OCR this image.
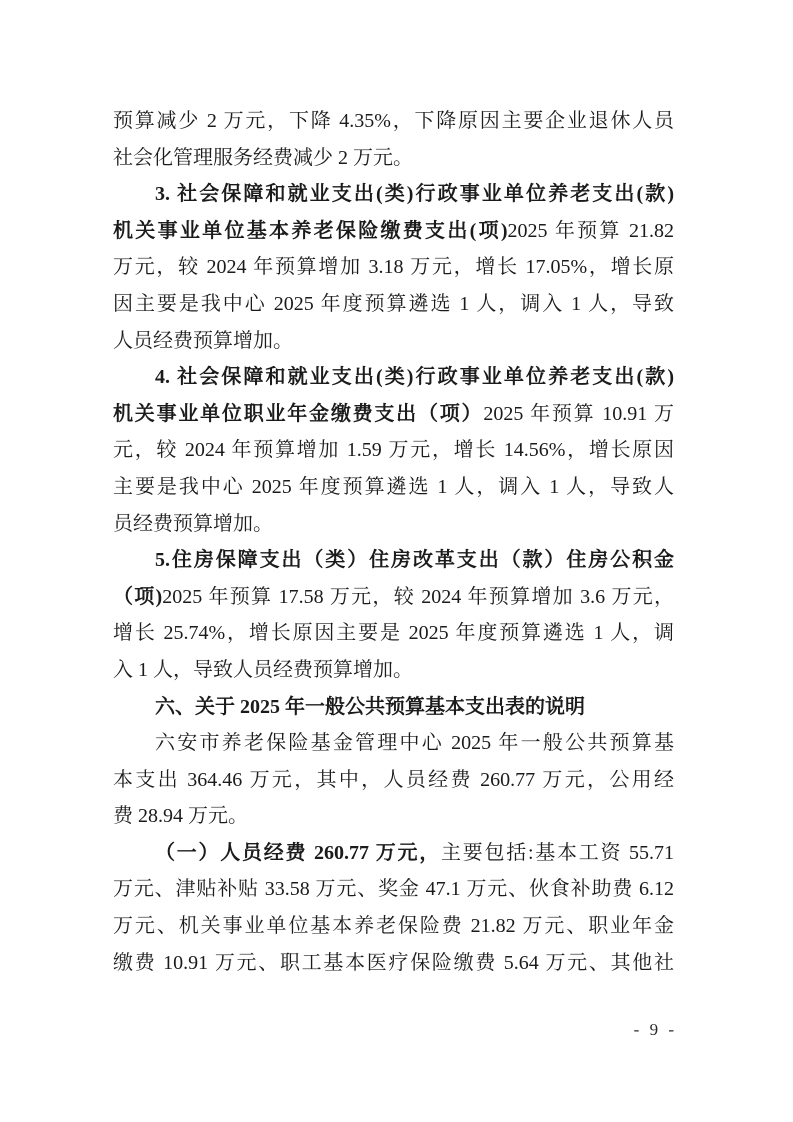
预算减少 2 万元，下降 4.35%，下降原因主要企业退休人员
社会化管理服务经费减少 2 万元。
3. 社会保障和就业支出(类)行政事业单位养老支出(款)
机关事业单位基本养老保险缴费支出(项)2025 年预算 21.82
万元，较 2024 年预算增加 3.18 万元，增长 17.05%，增长原
因主要是我中心 2025 年度预算遴选 1 人，调入 1 人，导致
人员经费预算增加。
4. 社会保障和就业支出(类)行政事业单位养老支出(款)
机关事业单位职业年金缴费支出（项）2025 年预算 10.91 万
元，较 2024 年预算增加 1.59 万元，增长 14.56%，增长原因
主要是我中心 2025 年度预算遴选 1 人，调入 1 人，导致人
员经费预算增加。
5.住房保障支出（类）住房改革支出（款）住房公积金
（项)2025 年预算 17.58 万元，较 2024 年预算增加 3.6 万元，
增长 25.74%，增长原因主要是 2025 年度预算遴选 1 人，调
入 1 人，导致人员经费预算增加。
六、关于 2025 年一般公共预算基本支出表的说明
六安市养老保险基金管理中心 2025 年一般公共预算基
本支出 364.46 万元，其中，人员经费 260.77 万元，公用经
费 28.94 万元。
（一）人员经费 260.77 万元，主要包括:基本工资 55.71
万元、津贴补贴 33.58 万元、奖金 47.1 万元、伙食补助费 6.12
万元、机关事业单位基本养老保险费 21.82 万元、职业年金
缴费 10.91 万元、职工基本医疗保险缴费 5.64 万元、其他社
- 9 -
